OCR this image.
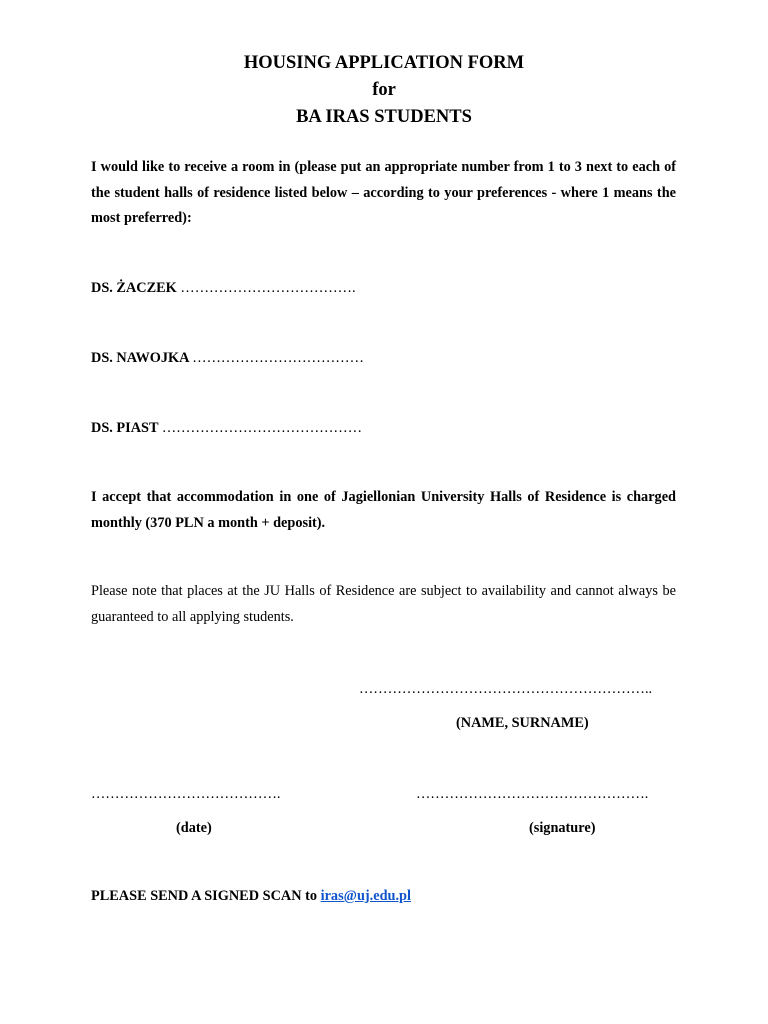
HOUSING APPLICATION FORM
for
BA IRAS STUDENTS

I would like to receive a room in (please put an appropriate number from 1 to 3 next to each of the student halls of residence listed below – according to your preferences - where 1 means the most preferred):

DS. ŻACZEK ……………………………….
DS. NAWOJKA ………………………………
DS. PIAST ……………………………………

I accept that accommodation in one of Jagiellonian University Halls of Residence is charged monthly (370 PLN a month + deposit).

Please note that places at the JU Halls of Residence are subject to availability and cannot always be guaranteed to all applying students.

……………………………………………………..
(NAME, SURNAME)
………………………………….
(date)
………………………………………….
(signature)
PLEASE SEND A SIGNED SCAN to iras@uj.edu.pl
